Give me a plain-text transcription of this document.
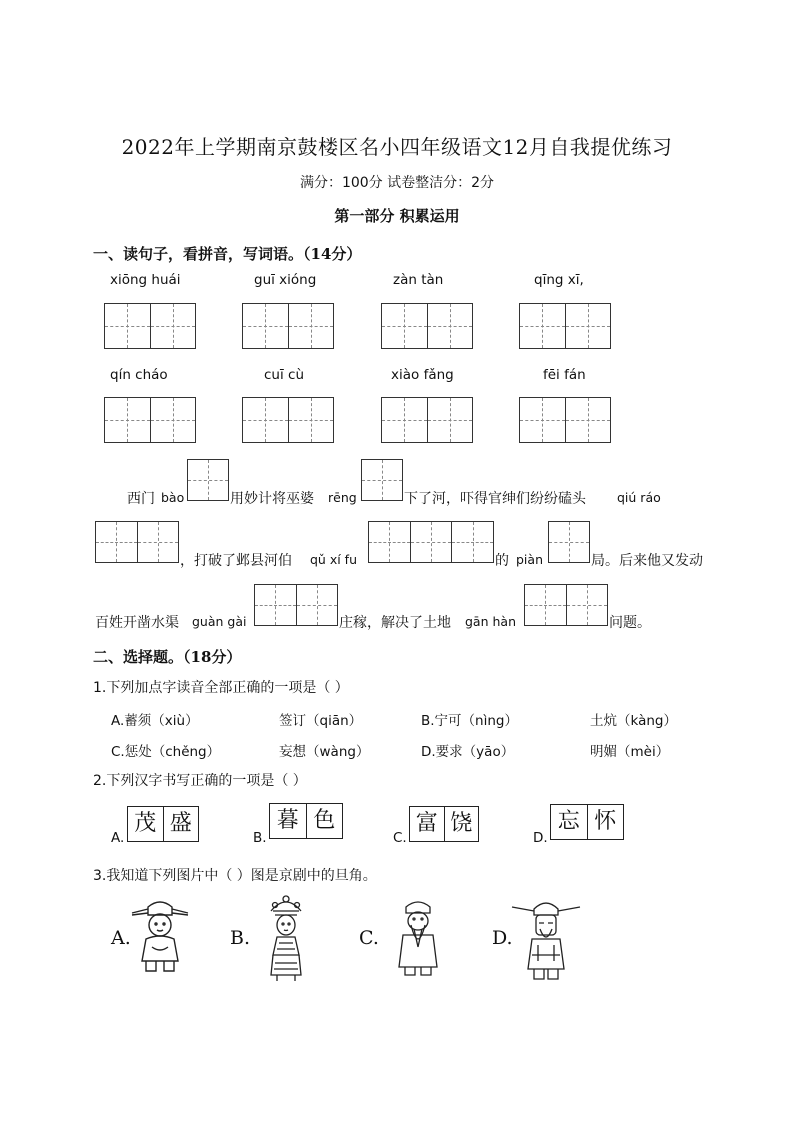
2022年上学期南京鼓楼区名小四年级语文12月自我提优练习
满分：100分 试卷整洁分：2分
第一部分 积累运用
一、读句子，看拼音，写词语。（14分）
xiōng huái	guī xióng	zàn tàn	qīng xī,
qín cháo	cuī cù	xiào fǎng	fēi fán
西门 bào	用妙计将巫婆 rēng	下了河，吓得官绅们纷纷磕头 qiú ráo
，打破了邺县河伯 qǔ xí fu	的 piàn	局。后来他又发动
百姓开凿水渠 guàn gài	庄稼，解决了土地 gān hàn	问题。
二、选择题。（18分）
1.下列加点字读音全部正确的一项是（ ）
A.蓄须（xiù）	签订（qiān）	B.宁可（nìng）	土炕（kàng）
C.惩处（chěng）	妄想（wàng）	D.要求（yāo）	明媚（mèi）
2.下列汉字书写正确的一项是（ ）
A.
茂 盛
B.
暮 色
C.
富 饶
D.
忘 怀
3.我知道下列图片中（ ）图是京剧中的旦角。
A.	B.	C.	D.
